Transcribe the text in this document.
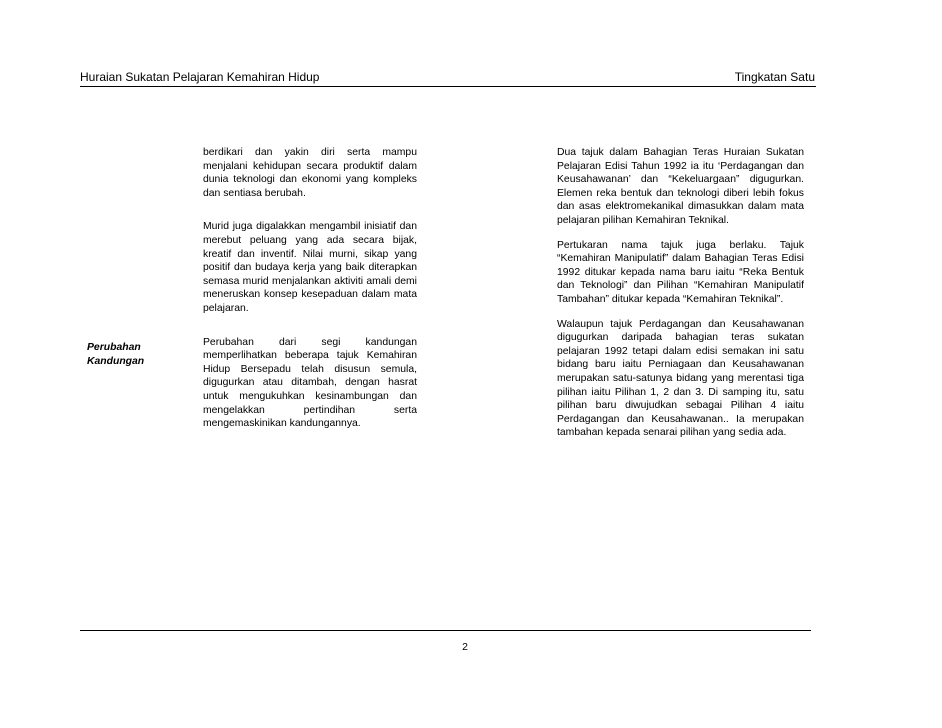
Huraian Sukatan Pelajaran Kemahiran Hidup	Tingkatan Satu

berdikari dan yakin diri serta mampu menjalani kehidupan secara produktif dalam dunia teknologi dan ekonomi yang kompleks dan sentiasa berubah.

Murid juga digalakkan mengambil inisiatif dan merebut peluang yang ada secara bijak, kreatif dan inventif. Nilai murni, sikap yang positif dan budaya kerja yang baik diterapkan semasa murid menjalankan aktiviti amali demi meneruskan konsep kesepaduan dalam mata pelajaran.

Perubahan dari segi kandungan memperlihatkan beberapa tajuk Kemahiran Hidup Bersepadu telah disusun semula, digugurkan atau ditambah, dengan hasrat untuk mengukuhkan kesinambungan dan mengelakkan pertindihan serta mengemaskinikan kandungannya.

Perubahan
Kandungan

Dua tajuk dalam Bahagian Teras Huraian Sukatan Pelajaran Edisi Tahun 1992 ia itu ‘Perdagangan dan Keusahawanan’ dan “Kekeluargaan” digugurkan. Elemen reka bentuk dan teknologi diberi lebih fokus dan asas elektromekanikal dimasukkan dalam mata pelajaran pilihan Kemahiran Teknikal.

Pertukaran nama tajuk juga berlaku. Tajuk “Kemahiran Manipulatif” dalam Bahagian Teras Edisi 1992 ditukar kepada nama baru iaitu “Reka Bentuk dan Teknologi” dan Pilihan “Kemahiran Manipulatif Tambahan” ditukar kepada “Kemahiran Teknikal”.

Walaupun tajuk Perdagangan dan Keusahawanan digugurkan daripada bahagian teras sukatan pelajaran 1992 tetapi dalam edisi semakan ini satu bidang baru iaitu Perniagaan dan Keusahawanan merupakan satu-satunya bidang yang merentasi tiga pilihan iaitu Pilihan 1, 2 dan 3. Di samping itu, satu pilihan baru diwujudkan sebagai Pilihan 4 iaitu Perdagangan dan Keusahawanan.. Ia merupakan tambahan kepada senarai pilihan yang sedia ada.

2
